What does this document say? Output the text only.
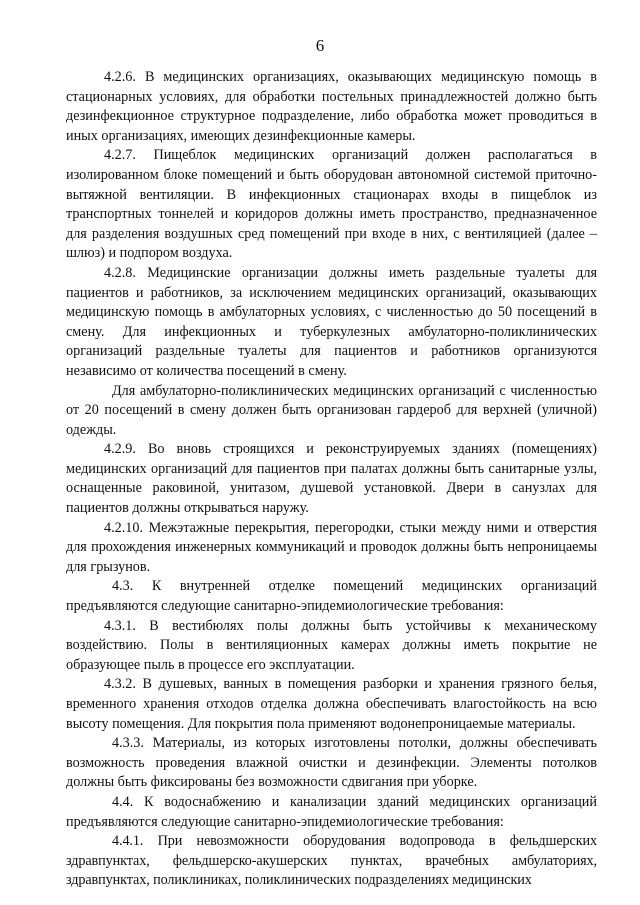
6

4.2.6. В медицинских организациях, оказывающих медицинскую помощь в стационарных условиях, для обработки постельных принадлежностей должно быть дезинфекционное структурное подразделение, либо обработка может проводиться в иных организациях, имеющих дезинфекционные камеры.

4.2.7. Пищеблок медицинских организаций должен располагаться в изолированном блоке помещений и быть оборудован автономной системой приточно-вытяжной вентиляции. В инфекционных стационарах входы в пищеблок из транспортных тоннелей и коридоров должны иметь пространство, предназначенное для разделения воздушных сред помещений при входе в них, с вентиляцией (далее – шлюз) и подпором воздуха.

4.2.8. Медицинские организации должны иметь раздельные туалеты для пациентов и работников, за исключением медицинских организаций, оказывающих медицинскую помощь в амбулаторных условиях, с численностью до 50 посещений в смену. Для инфекционных и туберкулезных амбулаторно-поликлинических организаций раздельные туалеты для пациентов и работников организуются независимо от количества посещений в смену.

Для амбулаторно-поликлинических медицинских организаций с численностью от 20 посещений в смену должен быть организован гардероб для верхней (уличной) одежды.

4.2.9. Во вновь строящихся и реконструируемых зданиях (помещениях) медицинских организаций для пациентов при палатах должны быть санитарные узлы, оснащенные раковиной, унитазом, душевой установкой. Двери в санузлах для пациентов должны открываться наружу.

4.2.10. Межэтажные перекрытия, перегородки, стыки между ними и отверстия для прохождения инженерных коммуникаций и проводок должны быть непроницаемы для грызунов.

4.3. К внутренней отделке помещений медицинских организаций предъявляются следующие санитарно-эпидемиологические требования:

4.3.1. В вестибюлях полы должны быть устойчивы к механическому воздействию. Полы в вентиляционных камерах должны иметь покрытие не образующее пыль в процессе его эксплуатации.

4.3.2. В душевых, ванных в помещения разборки и хранения грязного белья, временного хранения отходов отделка должна обеспечивать влагостойкость на всю высоту помещения. Для покрытия пола применяют водонепроницаемые материалы.

4.3.3. Материалы, из которых изготовлены потолки, должны обеспечивать возможность проведения влажной очистки и дезинфекции. Элементы потолков должны быть фиксированы без возможности сдвигания при уборке.

4.4. К водоснабжению и канализации зданий медицинских организаций предъявляются следующие санитарно-эпидемиологические требования:

4.4.1. При невозможности оборудования водопровода в фельдшерских здравпунктах, фельдшерско-акушерских пунктах, врачебных амбулаториях, здравпунктах, поликлиниках, поликлинических подразделениях медицинских
